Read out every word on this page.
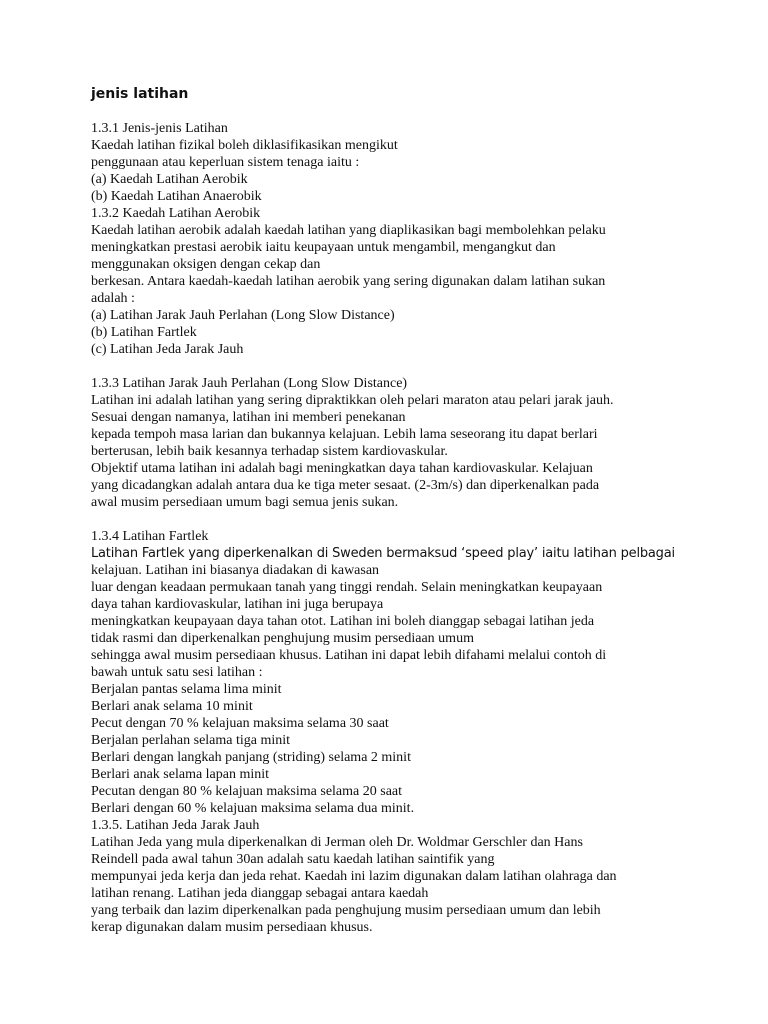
jenis latihan
1.3.1 Jenis-jenis Latihan
Kaedah latihan fizikal boleh diklasifikasikan mengikut
penggunaan atau keperluan sistem tenaga iaitu :
(a) Kaedah Latihan Aerobik
(b) Kaedah Latihan Anaerobik
1.3.2 Kaedah Latihan Aerobik
Kaedah latihan aerobik adalah kaedah latihan yang diaplikasikan bagi membolehkan pelaku
meningkatkan prestasi aerobik iaitu keupayaan untuk mengambil, mengangkut dan
menggunakan oksigen dengan cekap dan
berkesan. Antara kaedah-kaedah latihan aerobik yang sering digunakan dalam latihan sukan
adalah :
(a) Latihan Jarak Jauh Perlahan (Long Slow Distance)
(b) Latihan Fartlek
(c) Latihan Jeda Jarak Jauh
1.3.3 Latihan Jarak Jauh Perlahan (Long Slow Distance)
Latihan ini adalah latihan yang sering dipraktikkan oleh pelari maraton atau pelari jarak jauh.
Sesuai dengan namanya, latihan ini memberi penekanan
kepada tempoh masa larian dan bukannya kelajuan. Lebih lama seseorang itu dapat berlari
berterusan, lebih baik kesannya terhadap sistem kardiovaskular.
Objektif utama latihan ini adalah bagi meningkatkan daya tahan kardiovaskular. Kelajuan
yang dicadangkan adalah antara dua ke tiga meter sesaat. (2-3m/s) dan diperkenalkan pada
awal musim persediaan umum bagi semua jenis sukan.
1.3.4 Latihan Fartlek
Latihan Fartlek yang diperkenalkan di Sweden bermaksud ‘speed play’ iaitu latihan pelbagai
kelajuan. Latihan ini biasanya diadakan di kawasan
luar dengan keadaan permukaan tanah yang tinggi rendah. Selain meningkatkan keupayaan
daya tahan kardiovaskular, latihan ini juga berupaya
meningkatkan keupayaan daya tahan otot. Latihan ini boleh dianggap sebagai latihan jeda
tidak rasmi dan diperkenalkan penghujung musim persediaan umum
sehingga awal musim persediaan khusus. Latihan ini dapat lebih difahami melalui contoh di
bawah untuk satu sesi latihan :
Berjalan pantas selama lima minit
Berlari anak selama 10 minit
Pecut dengan 70 % kelajuan maksima selama 30 saat
Berjalan perlahan selama tiga minit
Berlari dengan langkah panjang (striding) selama 2 minit
Berlari anak selama lapan minit
Pecutan dengan 80 % kelajuan maksima selama 20 saat
Berlari dengan 60 % kelajuan maksima selama dua minit.
1.3.5. Latihan Jeda Jarak Jauh
Latihan Jeda yang mula diperkenalkan di Jerman oleh Dr. Woldmar Gerschler dan Hans
Reindell pada awal tahun 30an adalah satu kaedah latihan saintifik yang
mempunyai jeda kerja dan jeda rehat. Kaedah ini lazim digunakan dalam latihan olahraga dan
latihan renang. Latihan jeda dianggap sebagai antara kaedah
yang terbaik dan lazim diperkenalkan pada penghujung musim persediaan umum dan lebih
kerap digunakan dalam musim persediaan khusus.
